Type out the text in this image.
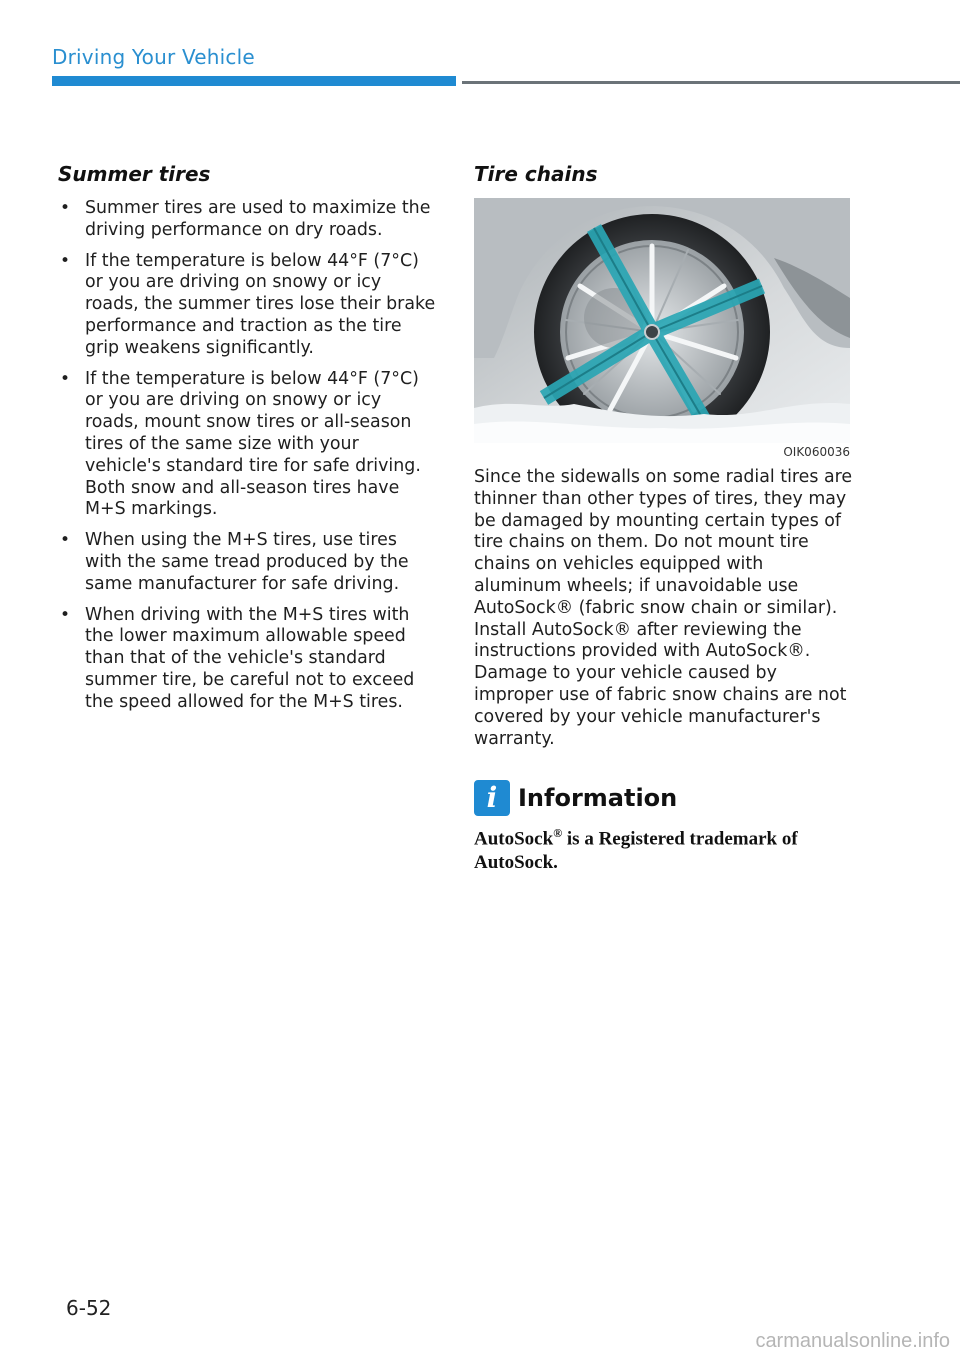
Driving Your Vehicle
Summer tires
• Summer tires are used to maximize the driving performance on dry roads.
• If the temperature is below 44°F (7°C) or you are driving on snowy or icy roads, the summer tires lose their brake performance and traction as the tire grip weakens significantly.
• If the temperature is below 44°F (7°C) or you are driving on snowy or icy roads, mount snow tires or all-season tires of the same size with your vehicle's standard tire for safe driving. Both snow and all-season tires have M+S markings.
• When using the M+S tires, use tires with the same tread produced by the same manufacturer for safe driving.
• When driving with the M+S tires with the lower maximum allowable speed than that of the vehicle's standard summer tire, be careful not to exceed the speed allowed for the M+S tires.
Tire chains
OIK060036

Since the sidewalls on some radial tires are thinner than other types of tires, they may be damaged by mounting certain types of tire chains on them. Do not mount tire chains on vehicles equipped with aluminum wheels; if unavoidable use AutoSock® (fabric snow chain or similar). Install AutoSock® after reviewing the instructions provided with AutoSock®. Damage to your vehicle caused by improper use of fabric snow chains are not covered by your vehicle manufacturer's warranty.

i Information
AutoSock® is a Registered trademark of AutoSock.
6-52
carmanualsonline.info
